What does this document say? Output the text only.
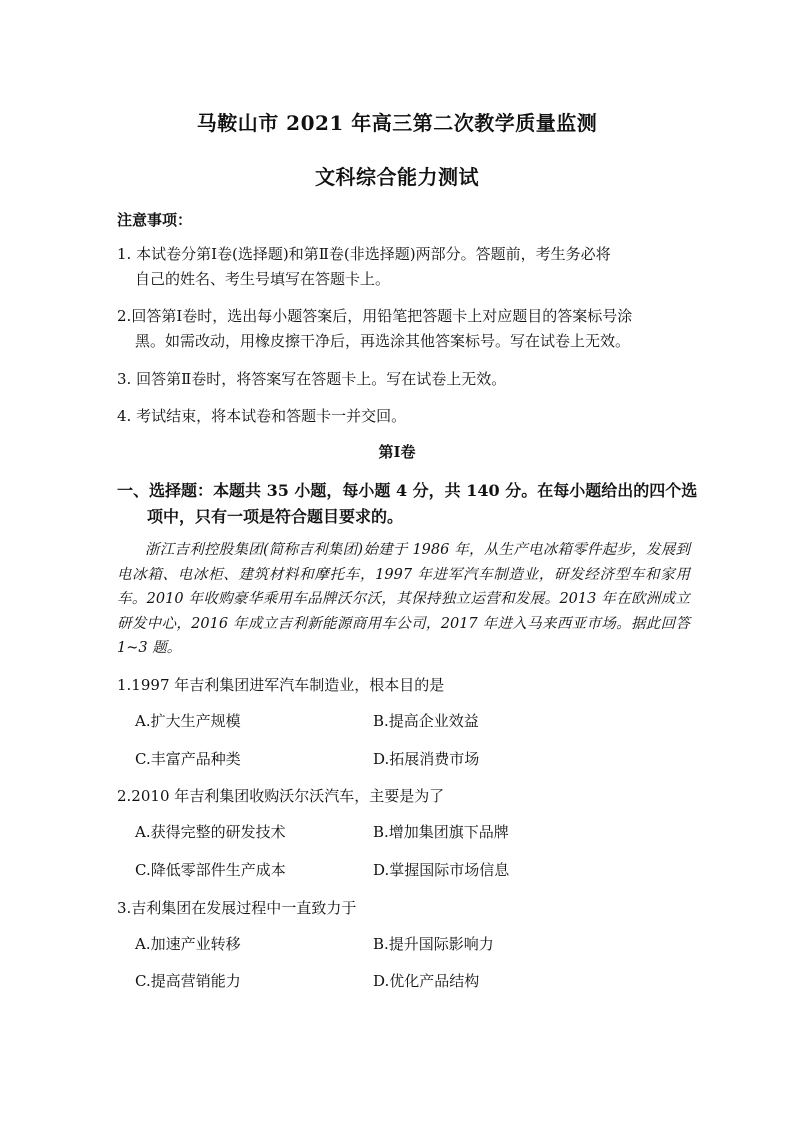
马鞍山市 2021 年高三第二次教学质量监测
文科综合能力测试
注意事项：
1. 本试卷分第Ⅰ卷(选择题)和第Ⅱ卷(非选择题)两部分。答题前，考生务必将
自己的姓名、考生号填写在答题卡上。
2.回答第Ⅰ卷时，选出每小题答案后，用铅笔把答题卡上对应题目的答案标号涂
黑。如需改动，用橡皮擦干净后，再选涂其他答案标号。写在试卷上无效。
3. 回答第Ⅱ卷时，将答案写在答题卡上。写在试卷上无效。
4. 考试结束，将本试卷和答题卡一并交回。
第Ⅰ卷
一、选择题：本题共 35 小题，每小题 4 分，共 140 分。在每小题给出的四个选
项中，只有一项是符合题目要求的。
浙江吉利控股集团(简称吉利集团)始建于 1986 年，从生产电冰箱零件起步，发展到电冰箱、电冰柜、建筑材料和摩托车，1997 年进军汽车制造业，研发经济型车和家用车。2010 年收购豪华乘用车品牌沃尔沃，其保持独立运营和发展。2013 年在欧洲成立研发中心，2016 年成立吉利新能源商用车公司，2017 年进入马来西亚市场。据此回答 1~3 题。
1.1997 年吉利集团进军汽车制造业，根本目的是
A.扩大生产规模	B.提高企业效益
C.丰富产品种类	D.拓展消费市场
2.2010 年吉利集团收购沃尔沃汽车，主要是为了
A.获得完整的研发技术	B.增加集团旗下品牌
C.降低零部件生产成本	D.掌握国际市场信息
3.吉利集团在发展过程中一直致力于
A.加速产业转移	B.提升国际影响力
C.提高营销能力	D.优化产品结构
